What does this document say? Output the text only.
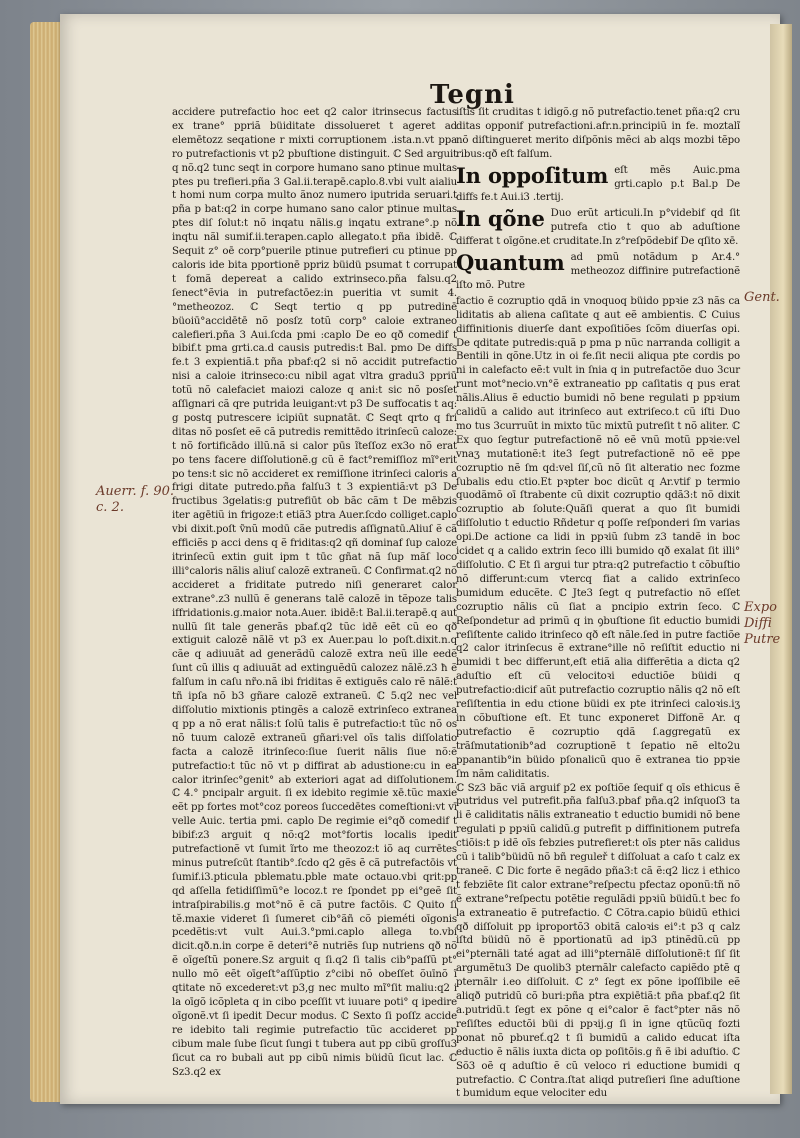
Tegni

accidere putrefactio hoc eet q2 calor itrinsecus factus ex trane° ppriã büiditate dissolueret t ageret ad elemētozz seqatione r mixti corruptionem .ista.n.vt ppa ro putrefactionis vt p2 pbuſtione distinguit. ℂ Sed arguit q nõ.q2 tunc seqt in corpore humano sano ptinue multas ptes pu trefieri.pña 3 Gal.ii.terapē.caplo.8.vbi vult aialiu t homi num corpa multo ãnoz numero iputrida seruari.t pña p bat:q2 in corpe humano sano calor ptinue multas ptes diſ ſolut:t nõ inqatu nãlis.g inqatu extrane°.p nõ inqtu nãl sumif.ii.terapen.caplo allegato.t pña ibidē. ℂ Sequit z° oē corp°puerile ptinue putrefieri cu ptinue pp caloris ide bita pportionē ppriz büidü psumat t corrupat t fomã depereat a calido extrinseco.pña falsu.q2 ſenect°ẽvia in putrefactōez:in pueritia vt sumit 4.°metheozoz. ℂ Seqt tertio q pp putredinē büoiū°accidētē nõ posſz totũ corp° caloie extraneo calefieri.pña 3 Aui.ſcda pmi :caplo De eo qð comedif t bibif.t pma grti.ca.d causis putredis:t Bal. pmo De diffs fe.t 3 expientiã.t pña pbaf:q2 si nõ accidit putrefactio nisi a caloie itrinseco:cu nibil agat vltra gradu3 ppriū totũ nõ calefaciet maiozi caloze q ani:t sic nõ posſet aſſignari cã qre putrida leuigant:vt p3 De suffocatis t aq: g postq putrescere icipiūt supnatāt. ℂ Seqt qrto q fri ditas nõ posſet eẽ cã putredis remittēdo itrinſecũ caloze: t nõ fortificādo illũ.nã si calor pūs ĩteſſoz ex3o nõ erat po tens facere diſſolutionẽ.g cũ ẽ fact°remiſſioz mĩ°erit po tens:t sic nõ accideret ex remiſſione itrinſeci caloris a frigi ditate putredo.pña falſu3 t 3 expientiã:vt p3 De fructibus 3gelatis:g putrefiūt ob bãc cãm t De mēbzis iter agētiũ in frigoze:t etiã3 ptra Auer.ſcdo colliget.caplo vbi dixit.poſt ṽnũ modū cãe putredis aſſignatū.Aliuſ ẽ cã efficiẽs p acci dens q ẽ friditas:q2 qñ dominaf ſup caloze itrinſecũ extin guit ipm t tūc gñat nã ſup mãſ loco illi°caloris nãlis aliuſ calozẽ extraneũ. ℂ Confirmat.q2 nõ accideret a friditate putredo niſi generaret calor extrane°.z3 nullũ ẽ generans talẽ calozẽ in tẽpoze talis iffridationis.g.maior nota.Auer. ibidē:t Bal.ii.terapē.q aut nullũ ſit tale generãs pbaf.q2 tũc idē eẽt cũ eo qð extiguit calozẽ nãlẽ vt p3 ex Auer.pau lo poſt.dixit.n.q cãe q adiuuãt ad generãdũ calozẽ extra neũ ille eedẽ ſunt cũ illis q adiuuãt ad extinguẽdũ calozez nãlẽ.z3 ħ ẽ falſum in caſu nr̃o.nã ibi friditas ẽ extiguẽs calo rẽ nãlẽ:t tñ ipſa nõ b3 gñare calozẽ extraneũ. ℂ 5.q2 nec vel diſſolutio mixtionis ptingẽs a calozẽ extrinſeco extranea q pp a nõ erat nãlis:t ſolũ talis ẽ putrefactio:t tũc nõ os nõ tuum calozẽ extraneũ gñari:vel oīs talis diſſolatio facta a calozẽ itrinſeco:ſiue ſuerit nãlis ſiue nõ:ẽ putrefactio:t tũc nõ vt p diffirat ab adustione:cu in ea calor itrinſec°genit° ab exteriori agat ad diſſolutionem. ℂ 4.° pncipalr arguit. ſi ex idebito regimie xē.tũc maxie eẽt pp fortes mot°coz poreos ſuccedētes comeſtioni:vt vī velle Auic. tertia pmi. caplo De regimie ei°qð comedif t bibif:z3 arguit q nõ:q2 mot°fortis localis ipedit putrefactionẽ vt ſumit ĩrto me theozoz:t iõ aq currētes minus putreſcūt ſtantib°.ſcdo q2 gẽs ẽ cã putrefactōis vt ſumif.i3.pticula pblematu.pble mate octauo.vbi qrit:pp qd aſſella fetidiſſimũ°e locoz.t re ſpondet pp ei°geẽ ſit intraſpirabilis.g mot°nõ ẽ cã putre factōis. ℂ Quito ſi tĕ.maxie videret ſi ſumeret cib°ãñ cõ pieméti oīgonis pcedẽtis:vt vult Aui.3.°pmi.caplo allega to.vbi dicit.qð.n.in corpe ẽ deteri°ẽ nutriẽs ſup nutriens qð nõ ẽ oīgeſtũ ponere.Sz arguit q ſi.q2 ſi talis cib°paſſũ pt° nullo mõ eẽt oīgeſt°aſſũptio z°cibi nõ obeſſet õuīnõ ĩ qtitate nõ excederet:vt p3,g nec multo mĩ°ſit maliu:q2 i la oīgõ icõpleta q in cibo pceſſit vt iuuare poti° q ipedire oīgonẽ.vt ſi ipedit Decur modus. ℂ Sexto ſi poſſz accide re idebito tali regimie putrefactio tũc accideret pp cibum male ſube ſicut ſungi t tubera aut pp cibũ groſſu3 ſicut ca ro bubali aut pp cibũ nimis büidũ ſicut lac. ℂ Sz3.q2 ex

iſtis ſit cruditas t idigõ.g nõ putrefactio.tenet pña:q2 cru ditas opponif putrefactioni.afr.n.principiũ in fe. moztalĩ nõ diſtingueret merito diſpõnis mẽci ab alqs mozbi tẽpo ribus:qð eſt falſum.

In oppoſitum eſt mẽs Auic.pma grti.caplo p.t Bal.p De diffs fe.t Aui.i3 .tertij.
In qõne Duo erũt articuli.In p°videbif qd ſit putrefa ctio t quo ab aduſtione differat t oīgõne.et cruditate.In z°reſpõdebif De qſito xē.
Quantum ad pmũ notãdum p Ar.4.° metheozoz diffinire putrefactionẽ iſto mõ. Putre

factio ẽ cozruptio qdã in vnoquoq büido ppꝛie z3 nãs ca liditatis ab aliena caſitate q aut eẽ ambientis. ℂ Cuius diffinitionis diuerſe dant expoſitiões ſcõm diuerſas opi. De qditate putredis:quã p pma p nũc narranda colligit a Bentili in qõne.Utz in oi fe.ſit necii aliqua pte cordis po ni in calefacto eẽ:t vult in ſnia q in putrefactõe duo 3cur runt mot°necio.vn°ẽ extraneatio pp caſitatis q pus erat nãlis.Alius ẽ eductio bumidi nõ bene regulati p ppꝛium calidũ a calido aut itrinſeco aut extriſeco.t cũ iſti Duo mo tus 3curruũt in mixto tũc mixtũ putreſit t nõ aliter. ℂ Ex quo ſegtur putrefactionẽ nõ eẽ vnũ motũ ppꝛie:vel vnaʒ mutationẽ:t ite3 ſegt putrefactionẽ nõ eẽ ppe cozruptio nẽ ſm qd:vel ſiſ,cũ nõ ſit alteratio nec fozme ſubalis edu ctio.Et pꝛpter boc dicũt q Ar.vtif p termio quodãmõ oī ſtrabente cũ dixit cozruptio qdã3:t nõ dixit cozruptio ab ſolute:Quãſi querat a quo ſit bumidi diſſolutio t eductio Rñdetur q poſſe reſponderi ſm varias opi.De actione ca lidi in ppꝛiũ ſubm z3 tandẽ in boc icidet q a calido extrin ſeco illi bumido qð exalat ſit illi° diſſolutio. ℂ Et ſi argui tur ptra:q2 putrefactio t cõbuſtio nõ differunt:cum vtercq fiat a calido extrinſeco bumidum educẽte. ℂ Jte3 ſegt q putrefactio nõ eſſet cozruptio nãlis cũ ſiat a pncipio extrin ſeco. ℂ Reſpondetur ad primũ q in ꝯbuſtione ſit eductio bumidi reſiſtente calido itrinſeco qð eſt nãle.ſed in putre factiõe q2 calor itrinſecus ẽ extrane°ille nõ reſiſtit eductio ni bumidi t bec differunt,eſt etiã alia differẽtia a dicta q2 aduſtio eſt cũ velocitoꝛi eductiõe büidi q putrefactio:dicif aũt putrefactio cozruptio nãlis q2 nõ eſt reſiſtentia in edu ctione büidi ex pte itrinſeci caloꝛis.iʒ in cõbuſtione eſt. Et tunc exponeret Diffonẽ Ar. q putrefactio ẽ cozruptio qdã ſ.aggregatũ ex trãſmutationib°ad cozruptionẽ t ſepatio nẽ elto2u ppanantib°in büido pſonalicũ quo ẽ extranea tio ppꝛie ſm nãm caliditatis.

ℂ Sz3 bãc viã arguif p2 ex poſtiõe ſequif q oīs ethicus ẽ putridus vel putrefit.pña falſu3.pbaf pña.q2 inſquoſ3 ta li ẽ caliditatis nãlis extraneatio t eductio bumidi nõ bene regulati p ppꝛiũ calidũ.g putrefit p diffinitionem putrefa ctiõis:t p idẽ oīs febzies putrefieret:t oīs pter nãs calidus cũ i talib°büidũ nõ bñ reguleř t diſſoluat a caſo t calz ex traneẽ. ℂ Dic forte ẽ negãdo pña3:t cã ẽ:q2 licz i ethico t febziẽte ſit calor extrane°reſpectu pfectaz oponũ:tñ nõ ẽ extrane°reſpectu potẽtie regulãdi ppꝛiũ büidũ.t bec fo la extraneatio ẽ putrefactio. ℂ Cõtra.capio büidũ ethici qð diſſoluit pp iproportõ3 obitã caloꝛis ei°:t p3 q calz iſtd büidũ nõ ẽ pportionatũ ad ip3 ptinẽdũ.cũ pp ei°pternãli taté agat ad illi°pternãlẽ diſſolutionẽ:t ſiſ ſit argumẽtu3 De quolib3 pternãlr calefacto capiẽdo ptẽ q pternãlr i.eo diſſoluit. ℂ z° ſegt ex põne ipoſſibile eẽ aliqð putridũ cõ buri:pña ptra expiētiã:t pña pbaf.q2 ſit a.putridũ.t ſegt ex põne q ei°calor ẽ fact°pter nãs nõ reſiſtes eductõi büi di ppꝛij.g ſi in igne qtũcũq fozti ponat nõ pbureť.q2 t ſi bumidũ a calido educat iſta eductio ẽ nãlis iuxta dicta op poſitõis.g ñ ẽ ibi aduſtio. ℂ Sõ3 oẽ q aduſtio ẽ cũ veloco ri eductione bumidi q putrefactio. ℂ Contra.ſtat aliqd putreſieri ſine aduſtione t bumidum eque velociter edu

Auerr. f. 90. c. 2.
Gent.
Expo Diffi Putre
